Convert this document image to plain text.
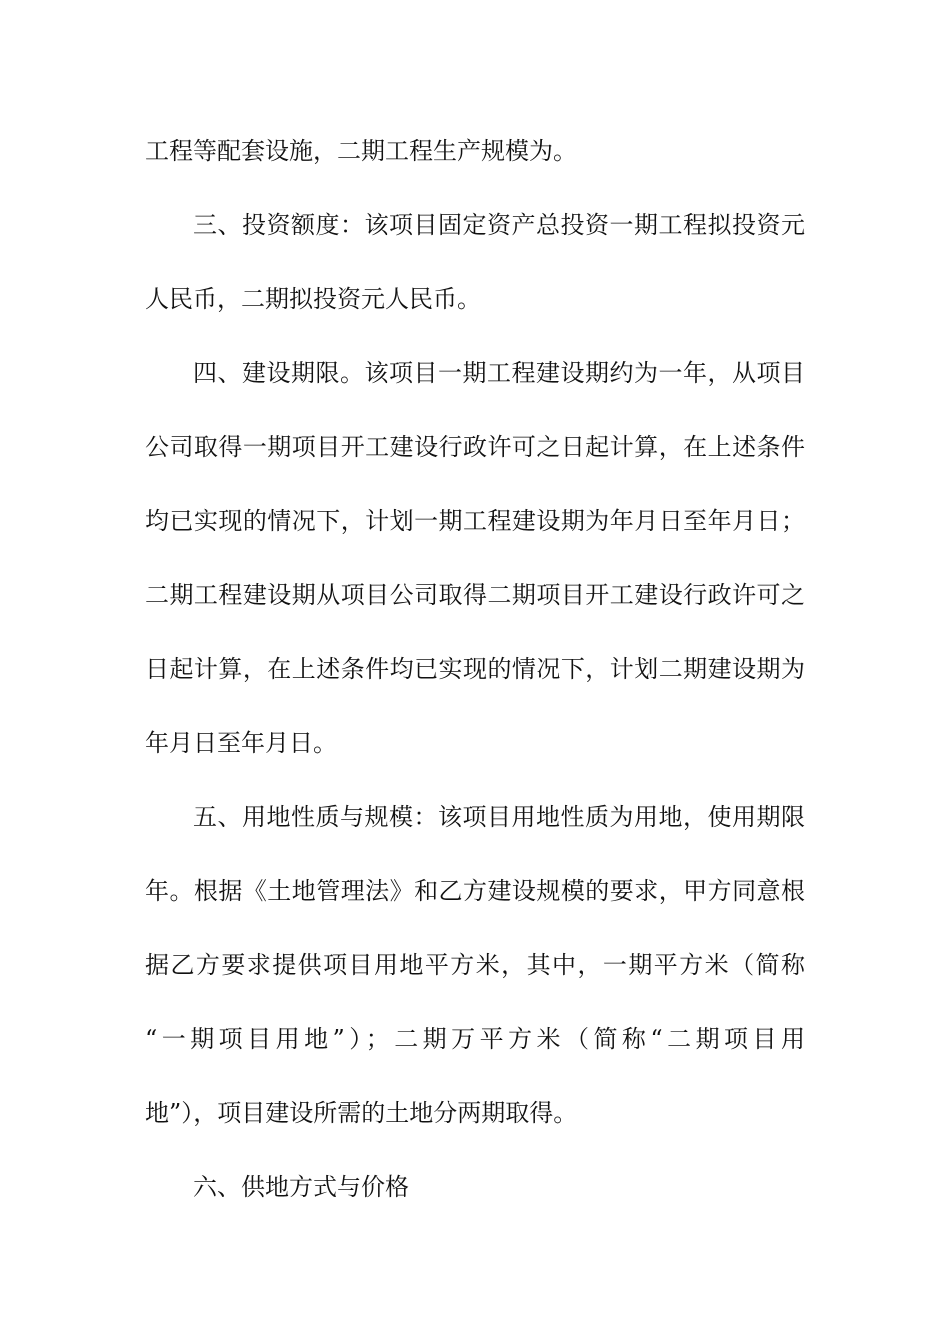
工程等配套设施，二期工程生产规模为。
三、投资额度：该项目固定资产总投资一期工程拟投资元
人民币，二期拟投资元人民币。
四、建设期限。该项目一期工程建设期约为一年，从项目
公司取得一期项目开工建设行政许可之日起计算，在上述条件
均已实现的情况下，计划一期工程建设期为年月日至年月日；
二期工程建设期从项目公司取得二期项目开工建设行政许可之
日起计算，在上述条件均已实现的情况下，计划二期建设期为
年月日至年月日。
五、用地性质与规模：该项目用地性质为用地，使用期限
年。根据《土地管理法》和乙方建设规模的要求，甲方同意根
据乙方要求提供项目用地平方米，其中，一期平方米（简称
“一期项目用地”）；二期万平方米（简称“二期项目用
地”），项目建设所需的土地分两期取得。
六、供地方式与价格
